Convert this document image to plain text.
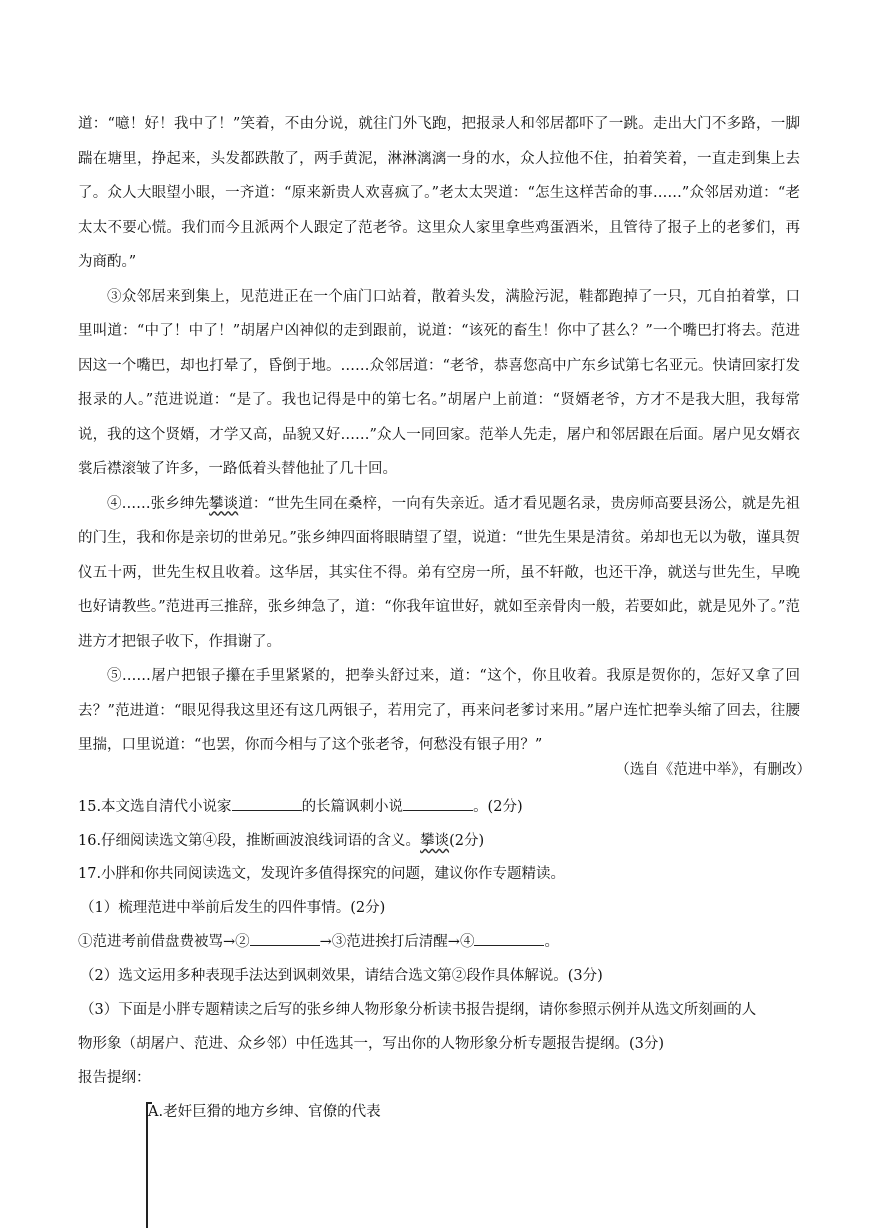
道：“噫！好！我中了！”笑着，不由分说，就往门外飞跑，把报录人和邻居都吓了一跳。走出大门不多路，一脚踹在塘里，挣起来，头发都跌散了，两手黄泥，淋淋漓漓一身的水，众人拉他不住，拍着笑着，一直走到集上去了。众人大眼望小眼，一齐道：“原来新贵人欢喜疯了。”老太太哭道：“怎生这样苦命的事……”众邻居劝道：“老太太不要心慌。我们而今且派两个人跟定了范老爷。这里众人家里拿些鸡蛋酒米，且管待了报子上的老爹们，再为商酌。”

③众邻居来到集上，见范进正在一个庙门口站着，散着头发，满脸污泥，鞋都跑掉了一只，兀自拍着掌，口里叫道：“中了！中了！”胡屠户凶神似的走到跟前，说道：“该死的畜生！你中了甚么？”一个嘴巴打将去。范进因这一个嘴巴，却也打晕了，昏倒于地。……众邻居道：“老爷，恭喜您高中广东乡试第七名亚元。快请回家打发报录的人。”范进说道：“是了。我也记得是中的第七名。”胡屠户上前道：“贤婿老爷，方才不是我大胆，我每常说，我的这个贤婿，才学又高，品貌又好……”众人一同回家。范举人先走，屠户和邻居跟在后面。屠户见女婿衣裳后襟滚皱了许多，一路低着头替他扯了几十回。

④……张乡绅先攀谈道：“世先生同在桑梓，一向有失亲近。适才看见题名录，贵房师高要县汤公，就是先祖的门生，我和你是亲切的世弟兄。”张乡绅四面将眼睛望了望，说道：“世先生果是清贫。弟却也无以为敬，谨具贺仪五十两，世先生权且收着。这华居，其实住不得。弟有空房一所，虽不轩敞，也还干净，就送与世先生，早晚也好请教些。”范进再三推辞，张乡绅急了，道：“你我年谊世好，就如至亲骨肉一般，若要如此，就是见外了。”范进方才把银子收下，作揖谢了。

⑤……屠户把银子攥在手里紧紧的，把拳头舒过来，道：“这个，你且收着。我原是贺你的，怎好又拿了回去？”范进道：“眼见得我这里还有这几两银子，若用完了，再来问老爹讨来用。”屠户连忙把拳头缩了回去，往腰里揣，口里说道：“也罢，你而今相与了这个张老爷，何愁没有银子用？”

（选自《范进中举》，有删改）
15.本文选自清代小说家	的长篇讽刺小说	。(2分)
16.仔细阅读选文第④段，推断画波浪线词语的含义。攀谈(2分)
17.小胖和你共同阅读选文，发现许多值得探究的问题，建议你作专题精读。
（1）梳理范进中举前后发生的四件事情。(2分)
①范进考前借盘费被骂→②	→③范进挨打后清醒→④	。
（2）选文运用多种表现手法达到讽刺效果，请结合选文第②段作具体解说。(3分)
（3）下面是小胖专题精读之后写的张乡绅人物形象分析读书报告提纲，请你参照示例并从选文所刻画的人
物形象（胡屠户、范进、众乡邻）中任选其一，写出你的人物形象分析专题报告提纲。(3分)
报告提纲：
A.老奸巨猾的地方乡绅、官僚的代表
